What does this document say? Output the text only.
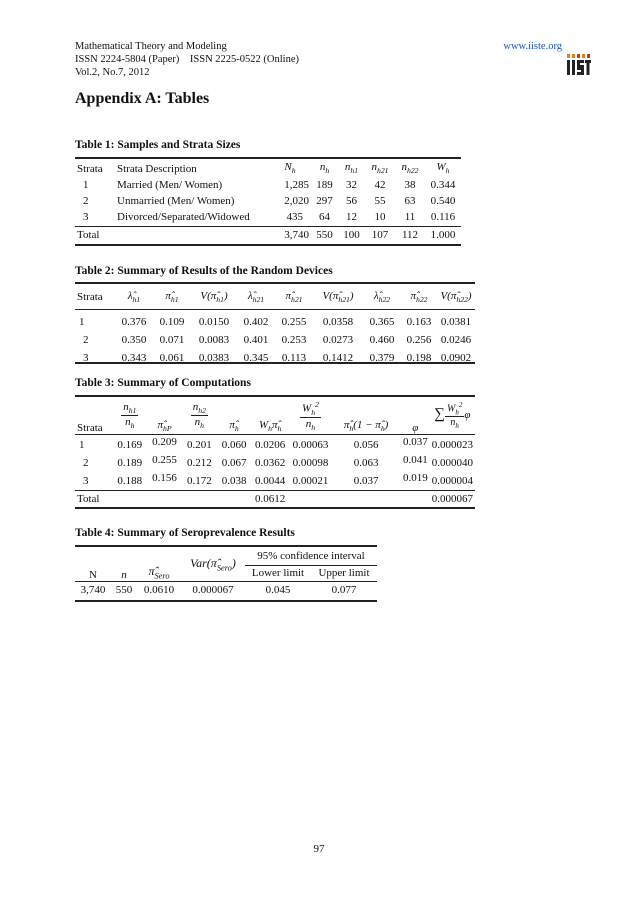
Mathematical Theory and Modeling
ISSN 2224-5804 (Paper)    ISSN 2225-0522 (Online)
Vol.2, No.7, 2012
www.iiste.org
Appendix A: Tables
Table 1: Samples and Strata Sizes
Strata	Strata Description	$N_h$	$n_h$	$n_{h1}$	$n_{h21}$	$n_{h22}$	$W_h$
1	Married (Men/ Women)	1,285	189	32	42	38	0.344
2	Unmarried (Men/ Women)	2,020	297	56	55	63	0.540
3	Divorced/Separated/Widowed	435	64	12	10	11	0.116
Total		3,740	550	100	107	112	1.000
Table 2: Summary of Results of the Random Devices
Strata	$\lambdâ_{h1}$	$\pî_{h1}$	$V(\pî_{h1})$	$\lambdâ_{h21}$	$\pî_{h21}$	$V(\pî_{h21})$	$\lambdâ_{h22}$	$\pî_{h22}$	$V(\pî_{h22})$

1	0.376	0.109	0.0150	0.402	0.255	0.0358	0.365	0.163	0.0381
2	0.350	0.071	0.0083	0.401	0.253	0.0273	0.460	0.256	0.0246
3	0.343	0.061	0.0383	0.345	0.113	0.1412	0.379	0.198	0.0902
Table 3: Summary of Computations
Strata	$\frac{n_{h1}}{n_h}$	$\pî_{hP}$	$\frac{n_{h2}}{n_h}$	$\pî_h$	$W_h\pî_h$	$\frac{W_h^2}{n_h}$	$\pî_h(1$ − $\pî_h$)	φ	∑ $\frac{W_h^2}{n_h}$ φ

1	0.169	0.209	0.201	0.060	0.0206	0.00063	0.056	0.037	0.000023
2	0.189	0.255	0.212	0.067	0.0362	0.00098	0.063	0.041	0.000040
3	0.188	0.156	0.172	0.038	0.0044	0.00021	0.037	0.019	0.000004
Total					0.0612				0.000067
Table 4: Summary of Seroprevalence Results
N	n	$\pî_{Sero}$	$Var(\pî_{Sero})$	95% confidence interval	
				Lower limit	Upper limit
3,740	550	0.0610	0.000067	0.045	0.077
97
